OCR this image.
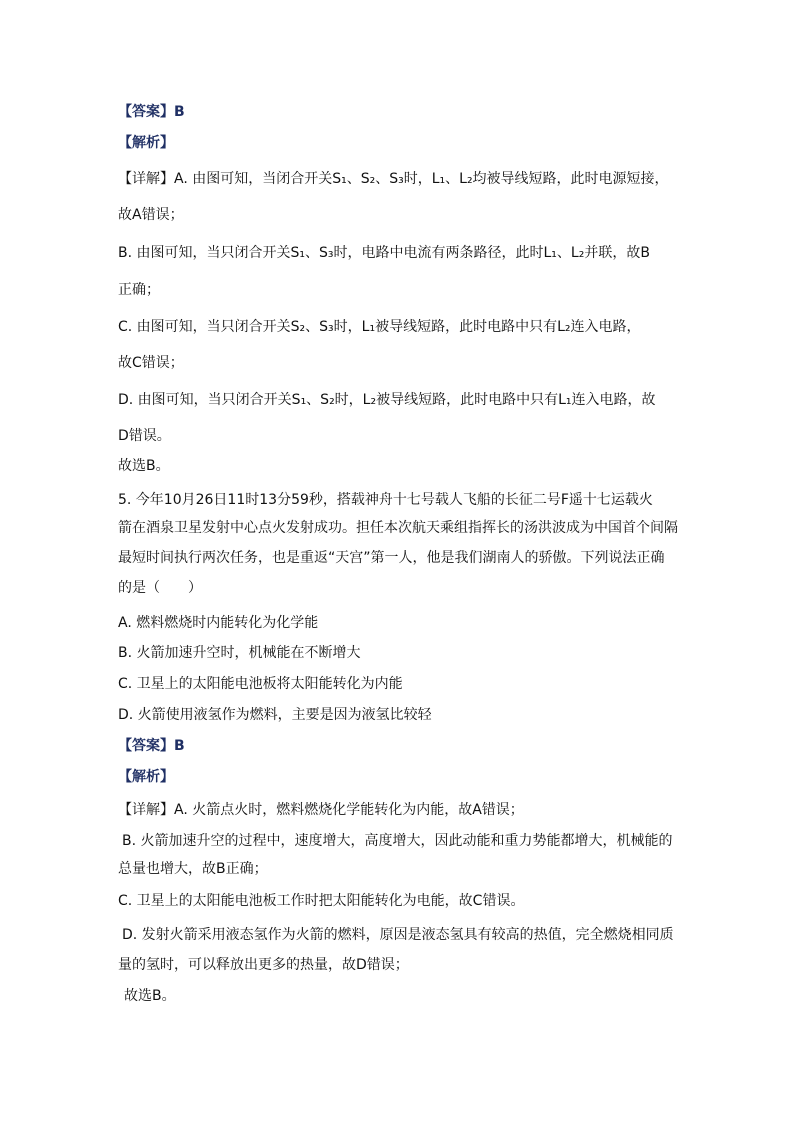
【答案】B
【解析】
【详解】A. 由图可知，当闭合开关S₁、S₂、S₃时，L₁、L₂均被导线短路，此时电源短接，
故A错误；
B. 由图可知，当只闭合开关S₁、S₃时，电路中电流有两条路径，此时L₁、L₂并联，故B
正确；
C. 由图可知，当只闭合开关S₂、S₃时，L₁被导线短路，此时电路中只有L₂连入电路，
故C错误；
D. 由图可知，当只闭合开关S₁、S₂时，L₂被导线短路，此时电路中只有L₁连入电路，故
D错误。
故选B。
5. 今年10月26日11时13分59秒，搭载神舟十七号载人飞船的长征二号F遥十七运载火
箭在酒泉卫星发射中心点火发射成功。担任本次航天乘组指挥长的汤洪波成为中国首个间隔
最短时间执行两次任务，也是重返“天宫”第一人，他是我们湖南人的骄傲。下列说法正确
的是（　　）
A. 燃料燃烧时内能转化为化学能
B. 火箭加速升空时，机械能在不断增大
C. 卫星上的太阳能电池板将太阳能转化为内能
D. 火箭使用液氢作为燃料，主要是因为液氢比较轻
【答案】B
【解析】
【详解】A. 火箭点火时，燃料燃烧化学能转化为内能，故A错误；
B. 火箭加速升空的过程中，速度增大，高度增大，因此动能和重力势能都增大，机械能的
总量也增大，故B正确；
C. 卫星上的太阳能电池板工作时把太阳能转化为电能，故C错误。
D. 发射火箭采用液态氢作为火箭的燃料，原因是液态氢具有较高的热值，完全燃烧相同质
量的氢时，可以释放出更多的热量，故D错误；
故选B。
